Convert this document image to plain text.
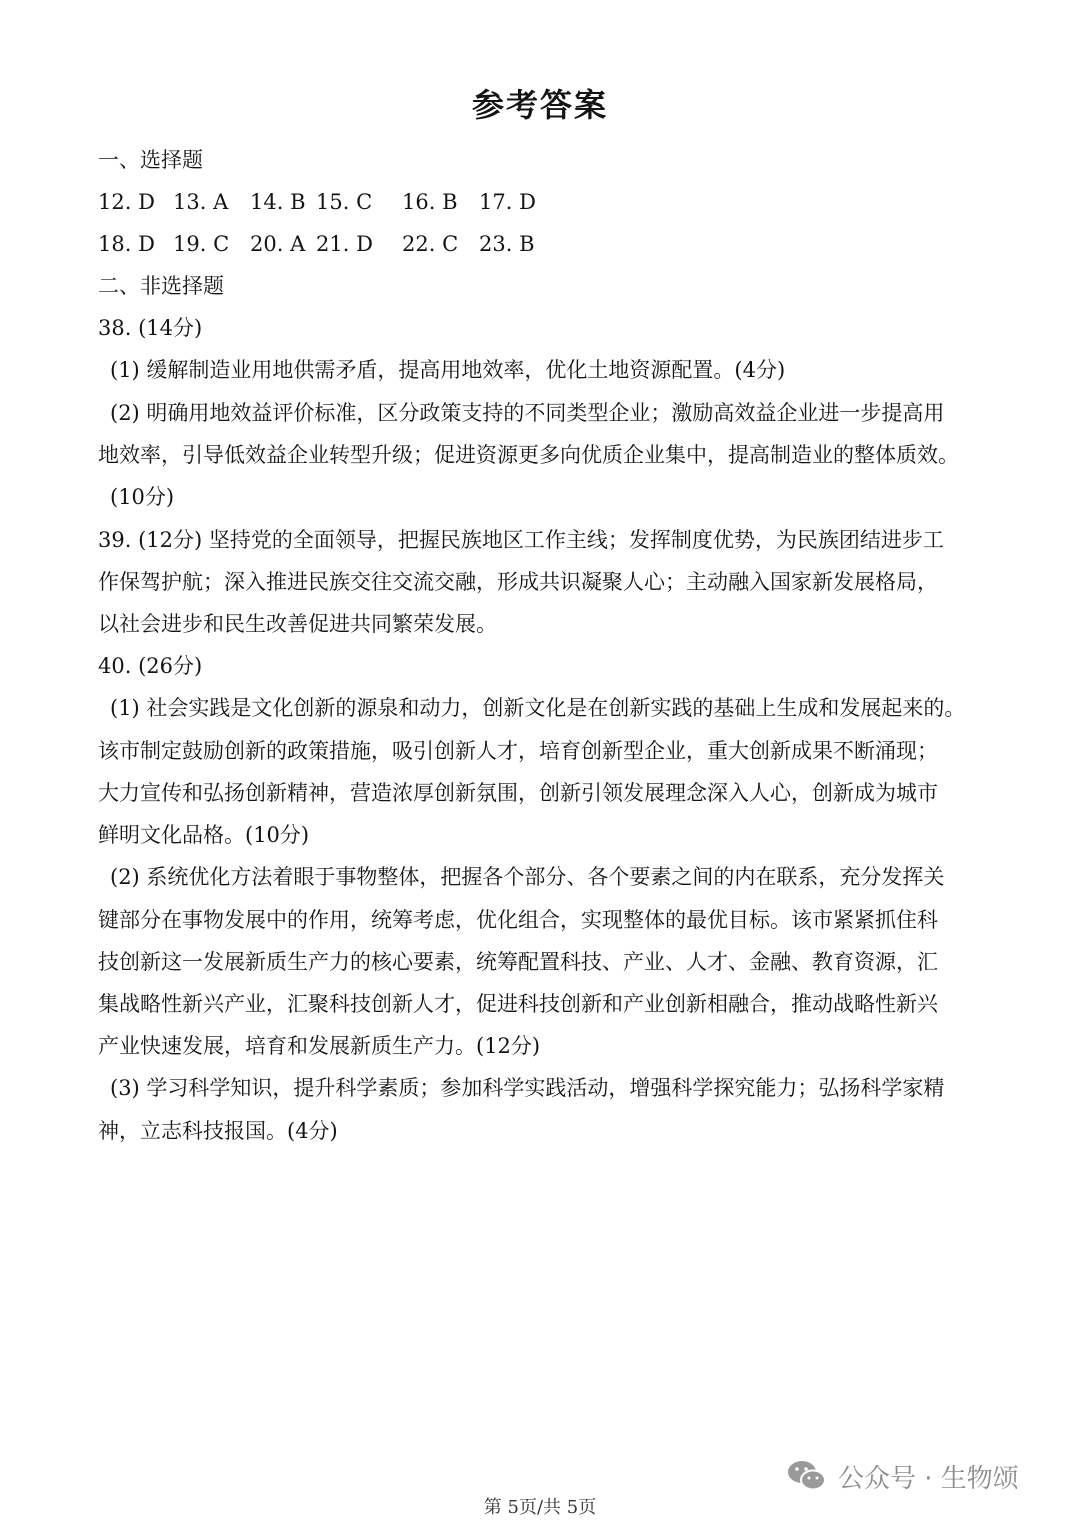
参考答案
一、选择题
12. D 13. A 14. B 15. C 16. B 17. D
18. D 19. C 20. A 21. D 22. C 23. B
二、非选择题
38. (14分)
(1) 缓解制造业用地供需矛盾，提高用地效率，优化土地资源配置。(4分)
(2) 明确用地效益评价标准，区分政策支持的不同类型企业；激励高效益企业进一步提高用
地效率，引导低效益企业转型升级；促进资源更多向优质企业集中，提高制造业的整体质效。
(10分)
39. (12分) 坚持党的全面领导，把握民族地区工作主线；发挥制度优势，为民族团结进步工
作保驾护航；深入推进民族交往交流交融，形成共识凝聚人心；主动融入国家新发展格局，
以社会进步和民生改善促进共同繁荣发展。
40. (26分)
(1) 社会实践是文化创新的源泉和动力，创新文化是在创新实践的基础上生成和发展起来的。
该市制定鼓励创新的政策措施，吸引创新人才，培育创新型企业，重大创新成果不断涌现；
大力宣传和弘扬创新精神，营造浓厚创新氛围，创新引领发展理念深入人心，创新成为城市
鲜明文化品格。(10分)
(2) 系统优化方法着眼于事物整体，把握各个部分、各个要素之间的内在联系，充分发挥关
键部分在事物发展中的作用，统筹考虑，优化组合，实现整体的最优目标。该市紧紧抓住科
技创新这一发展新质生产力的核心要素，统筹配置科技、产业、人才、金融、教育资源，汇
集战略性新兴产业，汇聚科技创新人才，促进科技创新和产业创新相融合，推动战略性新兴
产业快速发展，培育和发展新质生产力。(12分)
(3) 学习科学知识，提升科学素质；参加科学实践活动，增强科学探究能力；弘扬科学家精
神，立志科技报国。(4分)
公众号 · 生物颂
第 5页/共 5页
